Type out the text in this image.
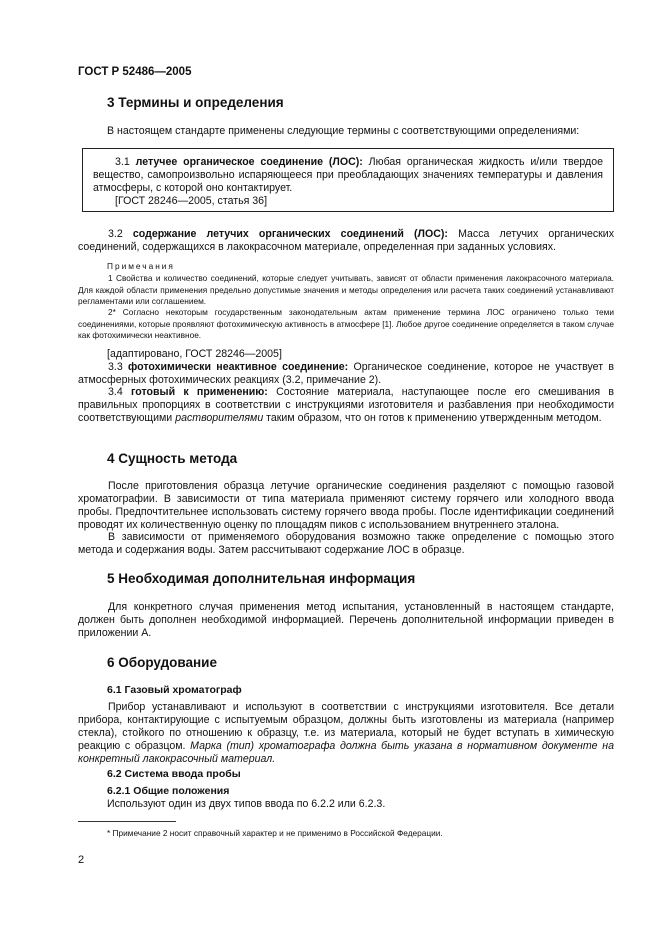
ГОСТ Р 52486—2005
3 Термины и определения
В настоящем стандарте применены следующие термины с соответствующими определениями:
3.1 летучее органическое соединение (ЛОС): Любая органическая жидкость и/или твердое вещество, самопроизвольно испаряющееся при преобладающих значениях температуры и давления атмосферы, с которой оно контактирует.
[ГОСТ 28246—2005, статья 36]
3.2 содержание летучих органических соединений (ЛОС): Масса летучих органических соединений, содержащихся в лакокрасочном материале, определенная при заданных условиях.
Примечания
1 Свойства и количество соединений, которые следует учитывать, зависят от области применения лакокрасочного материала. Для каждой области применения предельно допустимые значения и методы определения или расчета таких соединений устанавливают регламентами или соглашением.
2* Согласно некоторым государственным законодательным актам применение термина ЛОС ограничено только теми соединениями, которые проявляют фотохимическую активность в атмосфере [1]. Любое другое соединение определяется в таком случае как фотохимически неактивное.
[адаптировано, ГОСТ 28246—2005]
3.3 фотохимически неактивное соединение: Органическое соединение, которое не участвует в атмосферных фотохимических реакциях (3.2, примечание 2).
3.4 готовый к применению: Состояние материала, наступающее после его смешивания в правильных пропорциях в соответствии с инструкциями изготовителя и разбавления при необходимости соответствующими растворителями таким образом, что он готов к применению утвержденным методом.
4 Сущность метода
После приготовления образца летучие органические соединения разделяют с помощью газовой хроматографии. В зависимости от типа материала применяют систему горячего или холодного ввода пробы. Предпочтительнее использовать систему горячего ввода пробы. После идентификации соединений проводят их количественную оценку по площадям пиков с использованием внутреннего эталона.
В зависимости от применяемого оборудования возможно также определение с помощью этого метода и содержания воды. Затем рассчитывают содержание ЛОС в образце.
5 Необходимая дополнительная информация
Для конкретного случая применения метод испытания, установленный в настоящем стандарте, должен быть дополнен необходимой информацией. Перечень дополнительной информации приведен в приложении А.
6 Оборудование
6.1 Газовый хроматограф
Прибор устанавливают и используют в соответствии с инструкциями изготовителя. Все детали прибора, контактирующие с испытуемым образцом, должны быть изготовлены из материала (например стекла), стойкого по отношению к образцу, т.е. из материала, который не будет вступать в химическую реакцию с образцом. Марка (тип) хроматографа должна быть указана в нормативном документе на конкретный лакокрасочный материал.
6.2 Система ввода пробы
6.2.1 Общие положения
Используют один из двух типов ввода по 6.2.2 или 6.2.3.
* Примечание 2 носит справочный характер и не применимо в Российской Федерации.
2
